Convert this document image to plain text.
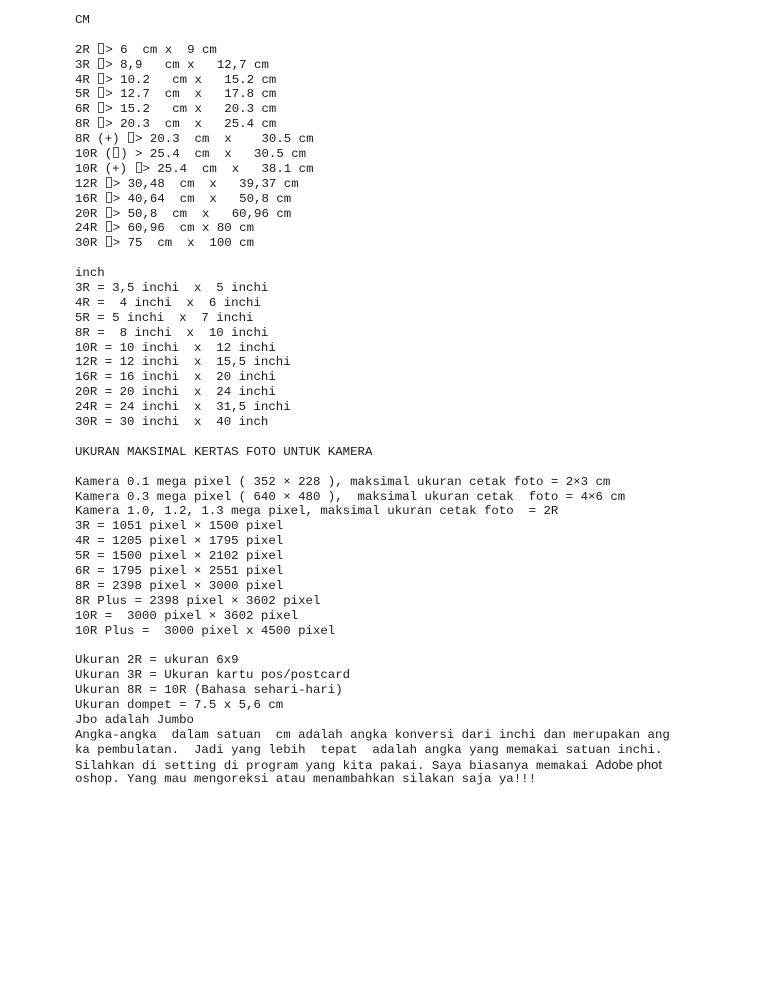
CM
2R > 6  cm x  9 cm
3R > 8,9   cm x   12,7 cm
4R > 10.2   cm x   15.2 cm
5R > 12.7  cm  x   17.8 cm
6R > 15.2   cm x   20.3 cm
8R > 20.3  cm  x   25.4 cm
8R (+) > 20.3  cm  x    30.5 cm
10R ( ) > 25.4  cm  x   30.5 cm
10R (+) > 25.4  cm  x   38.1 cm
12R > 30,48  cm  x   39,37 cm
16R > 40,64  cm  x   50,8 cm
20R > 50,8  cm  x   60,96 cm
24R > 60,96  cm x 80 cm
30R > 75  cm  x  100 cm
inch
3R = 3,5 inchi  x  5 inchi
4R =  4 inchi  x  6 inchi
5R = 5 inchi  x  7 inchi
8R =  8 inchi  x  10 inchi
10R = 10 inchi  x  12 inchi
12R = 12 inchi  x  15,5 inchi
16R = 16 inchi  x  20 inchi
20R = 20 inchi  x  24 inchi
24R = 24 inchi  x  31,5 inchi
30R = 30 inchi  x  40 inch
UKURAN MAKSIMAL KERTAS FOTO UNTUK KAMERA
Kamera 0.1 mega pixel ( 352 × 228 ), maksimal ukuran cetak foto = 2×3 cm
Kamera 0.3 mega pixel ( 640 × 480 ),  maksimal ukuran cetak  foto = 4×6 cm
Kamera 1.0, 1.2, 1.3 mega pixel, maksimal ukuran cetak foto  = 2R
3R = 1051 pixel × 1500 pixel
4R = 1205 pixel × 1795 pixel
5R = 1500 pixel × 2102 pixel
6R = 1795 pixel × 2551 pixel
8R = 2398 pixel × 3000 pixel
8R Plus = 2398 pixel × 3602 pixel
10R =  3000 pixel × 3602 pixel
10R Plus =  3000 pixel x 4500 pixel
Ukuran 2R = ukuran 6x9
Ukuran 3R = Ukuran kartu pos/postcard
Ukuran 8R = 10R (Bahasa sehari-hari)
Ukuran dompet = 7.5 x 5,6 cm
Jbo adalah Jumbo
Angka-angka  dalam satuan  cm adalah angka konversi dari inchi dan merupakan ang
ka pembulatan.  Jadi yang lebih  tepat  adalah angka yang memakai satuan inchi.
Silahkan di setting di program yang kita pakai. Saya biasanya memakai Adobe phot
oshop. Yang mau mengoreksi atau menambahkan silakan saja ya!!!
